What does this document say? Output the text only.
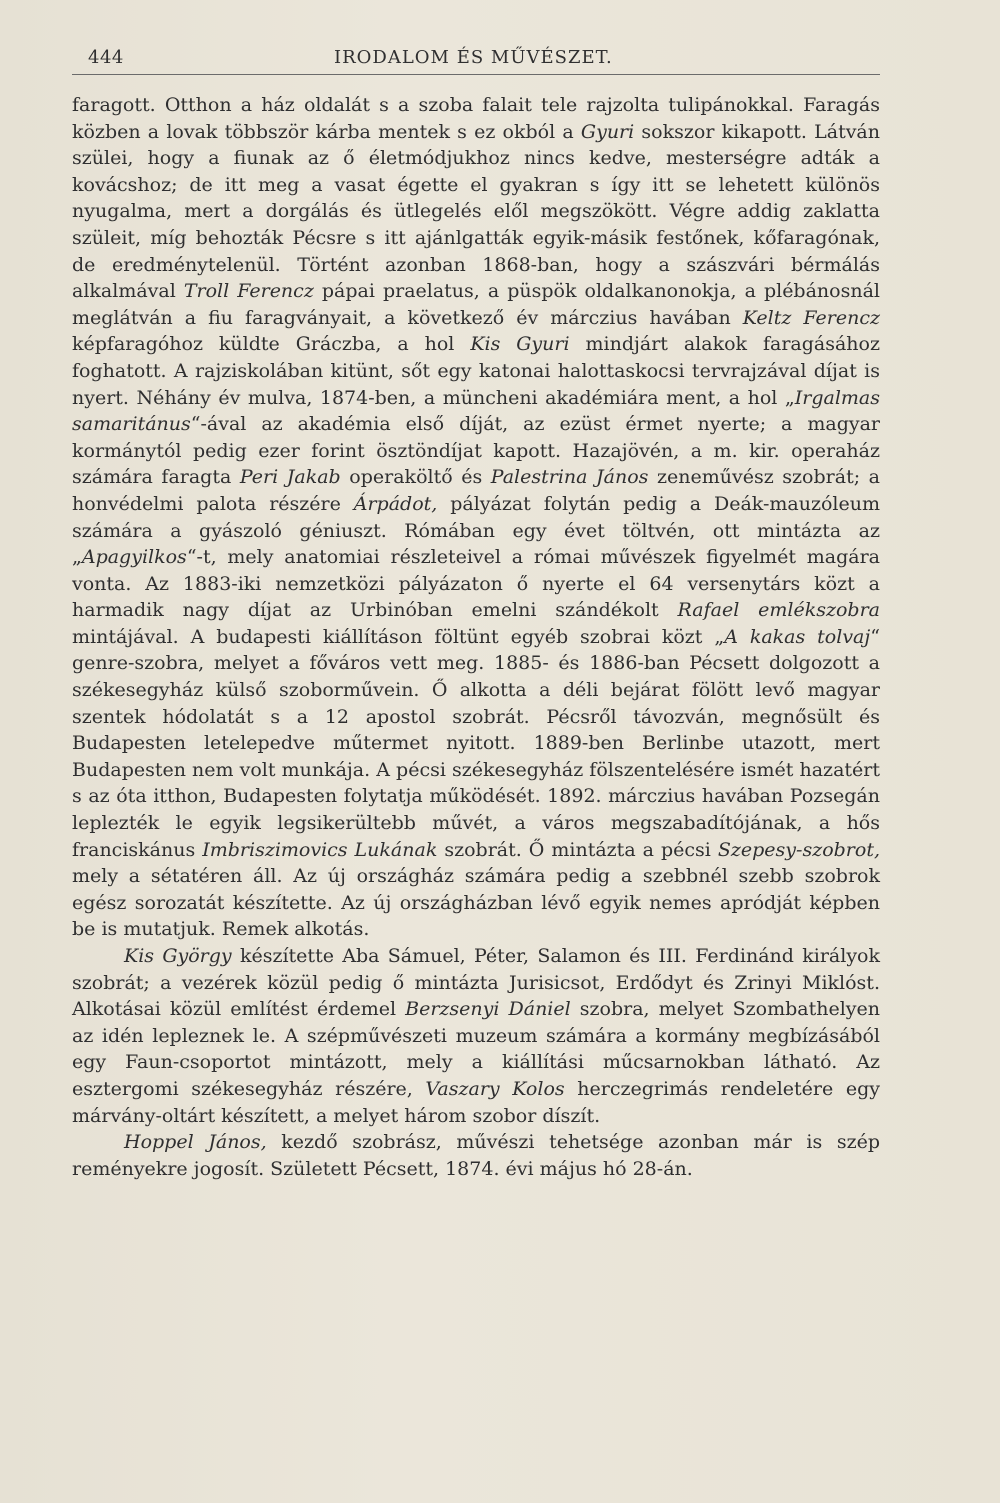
444	IRODALOM ÉS MŰVÉSZET.

faragott. Otthon a ház oldalát s a szoba falait tele rajzolta tulipánokkal. Faragás közben a lovak többször kárba mentek s ez okból a Gyuri sokszor kikapott. Látván szülei, hogy a fiunak az ő életmódjukhoz nincs kedve, mesterségre adták a kovácshoz; de itt meg a vasat égette el gyakran s így itt se lehetett különös nyugalma, mert a dorgálás és ütlegelés elől megszökött. Végre addig zaklatta szüleit, míg behozták Pécsre s itt ajánlgatták egyik-másik festőnek, kőfaragónak, de eredménytelenül. Történt azonban 1868-ban, hogy a szászvári bérmálás alkalmával Troll Ferencz pápai praelatus, a püspök oldalkanonokja, a plébánosnál meglátván a fiu faragványait, a következő év márczius havában Keltz Ferencz képfaragóhoz küldte Gráczba, a hol Kis Gyuri mindjárt alakok faragásához foghatott. A rajziskolában kitünt, sőt egy katonai halottaskocsi tervrajzával díjat is nyert. Néhány év mulva, 1874-ben, a müncheni akadémiára ment, a hol „Irgalmas samaritánus“-ával az akadémia első díját, az ezüst érmet nyerte; a magyar kormánytól pedig ezer forint ösztöndíjat kapott. Hazajövén, a m. kir. operaház számára faragta Peri Jakab operaköltő és Palestrina János zeneművész szobrát; a honvédelmi palota részére Árpádot, pályázat folytán pedig a Deák-mauzóleum számára a gyászoló géniuszt. Rómában egy évet töltvén, ott mintázta az „Apagyilkos“-t, mely anatomiai részleteivel a római művészek figyelmét magára vonta. Az 1883-iki nemzetközi pályázaton ő nyerte el 64 versenytárs közt a harmadik nagy díjat az Urbinóban emelni szándékolt Rafael emlékszobra mintájával. A budapesti kiállításon föltünt egyéb szobrai közt „A kakas tolvaj“ genre-szobra, melyet a főváros vett meg. 1885- és 1886-ban Pécsett dolgozott a székesegyház külső szoborművein. Ő alkotta a déli bejárat fölött levő magyar szentek hódolatát s a 12 apostol szobrát. Pécsről távozván, megnősült és Budapesten letelepedve műtermet nyitott. 1889-ben Berlinbe utazott, mert Budapesten nem volt munkája. A pécsi székesegyház fölszentelésére ismét hazatért s az óta itthon, Budapesten folytatja működését. 1892. márczius havában Pozsegán leplezték le egyik legsikerültebb művét, a város megszabadítójának, a hős franciskánus Imbriszimovics Lukának szobrát. Ő mintázta a pécsi Szepesy-szobrot, mely a sétatéren áll. Az új országház számára pedig a szebbnél szebb szobrok egész sorozatát készítette. Az új országházban lévő egyik nemes apródját képben be is mutatjuk. Remek alkotás.

Kis György készítette Aba Sámuel, Péter, Salamon és III. Ferdinánd királyok szobrát; a vezérek közül pedig ő mintázta Jurisicsot, Erdődyt és Zrinyi Miklóst. Alkotásai közül említést érdemel Berzsenyi Dániel szobra, melyet Szombathelyen az idén lepleznek le. A szépművészeti muzeum számára a kormány megbízásából egy Faun-csoportot mintázott, mely a kiállítási műcsarnokban látható. Az esztergomi székesegyház részére, Vaszary Kolos herczegrimás rendeletére egy márvány-oltárt készített, a melyet három szobor díszít.

Hoppel János, kezdő szobrász, művészi tehetsége azonban már is szép reményekre jogosít. Született Pécsett, 1874. évi május hó 28-án.
